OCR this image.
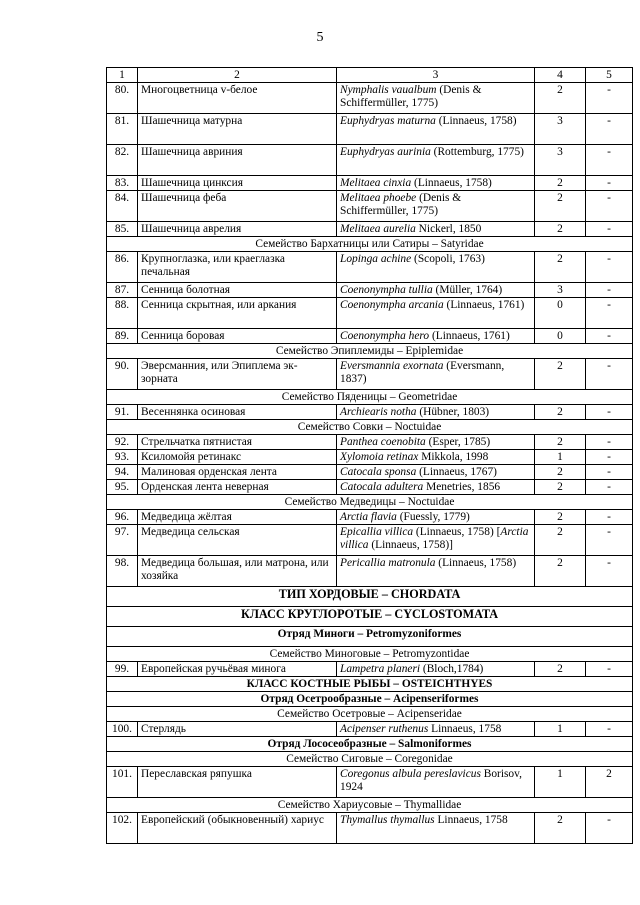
5
1	2	3	4	5
80.	Многоцветница v-белое	Nymphalis vaualbum (Denis & Schiffermüller, 1775)	2	-
81.	Шашечница матурна	Euphydryas maturna (Linnaeus, 1758)	3	-
82.	Шашечница авриния	Euphydryas aurinia (Rottemburg, 1775)	3	-
83.	Шашечница цинксия	Melitaea cinxia (Linnaeus, 1758)	2	-
84.	Шашечница феба	Melitaea phoebe (Denis & Schiffermüller, 1775)	2	-
85.	Шашечница аврелия	Melitaea aurelia Nickerl, 1850	2	-
Семейство Бархатницы или Сатиры – Satyridae				
86.	Крупноглазка, или краеглазка печальная	Lopinga achine (Scopoli, 1763)	2	-
87.	Сенница болотная	Coenonympha tullia (Müller, 1764)	3	-
88.	Сенница скрытная, или аркания	Coenonympha arcania (Linnaeus, 1761)	0	-
89.	Сенница боровая	Coenonympha hero (Linnaeus, 1761)	0	-
Семейство Эпиплемиды – Epiplemidae				
90.	Эверсманния, или Эпиплема эк-зорната	Eversmannia exornata (Eversmann, 1837)	2	-
Семейство Пяденицы – Geometridae				
91.	Весеннянка осиновая	Archiearis notha (Hübner, 1803)	2	-
Семейство Совки – Noctuidae				
92.	Стрельчатка пятнистая	Panthea coenobita (Esper, 1785)	2	-
93.	Ксиломойя ретинакс	Xylomoia retinax Mikkola, 1998	1	-
94.	Малиновая орденская лента	Catocala sponsa (Linnaeus, 1767)	2	-
95.	Орденская лента неверная	Catocala adultera Menetries, 1856	2	-
Семейство Медведицы – Noctuidae				
96.	Медведица жёлтая	Arctia flavia (Fuessly, 1779)	2	-
97.	Медведица сельская	Epicallia villica (Linnaeus, 1758) [Arctia villica (Linnaeus, 1758)]	2	-
98.	Медведица большая, или матрона, или хозяйка	Pericallia matronula (Linnaeus, 1758)	2	-
ТИП ХОРДОВЫЕ – CHORDATA				
КЛАСС КРУГЛОРОТЫЕ – CYCLOSTOMATA				
Отряд Миноги – Petromyzoniformes				
Семейство Миноговые – Petromyzontidae				
99.	Европейская ручьёвая минога	Lampetra planeri (Bloch,1784)	2	-
КЛАСС КОСТНЫЕ РЫБЫ – OSTEICHTHYES				
Отряд Осетрообразные – Acipenseriformes				
Семейство Осетровые – Acipenseridae				
100.	Стерлядь	Acipenser ruthenus Linnaeus, 1758	1	-
Отряд Лососеобразные – Salmoniformes				
Семейство Сиговые – Coregonidae				
101.	Переславская ряпушка	Coregonus albula pereslavicus Borisov, 1924	1	2
Семейство Хариусовые – Thymallidae				
102.	Европейский (обыкновенный) хариус	Thymallus thymallus Linnaeus, 1758	2	-
